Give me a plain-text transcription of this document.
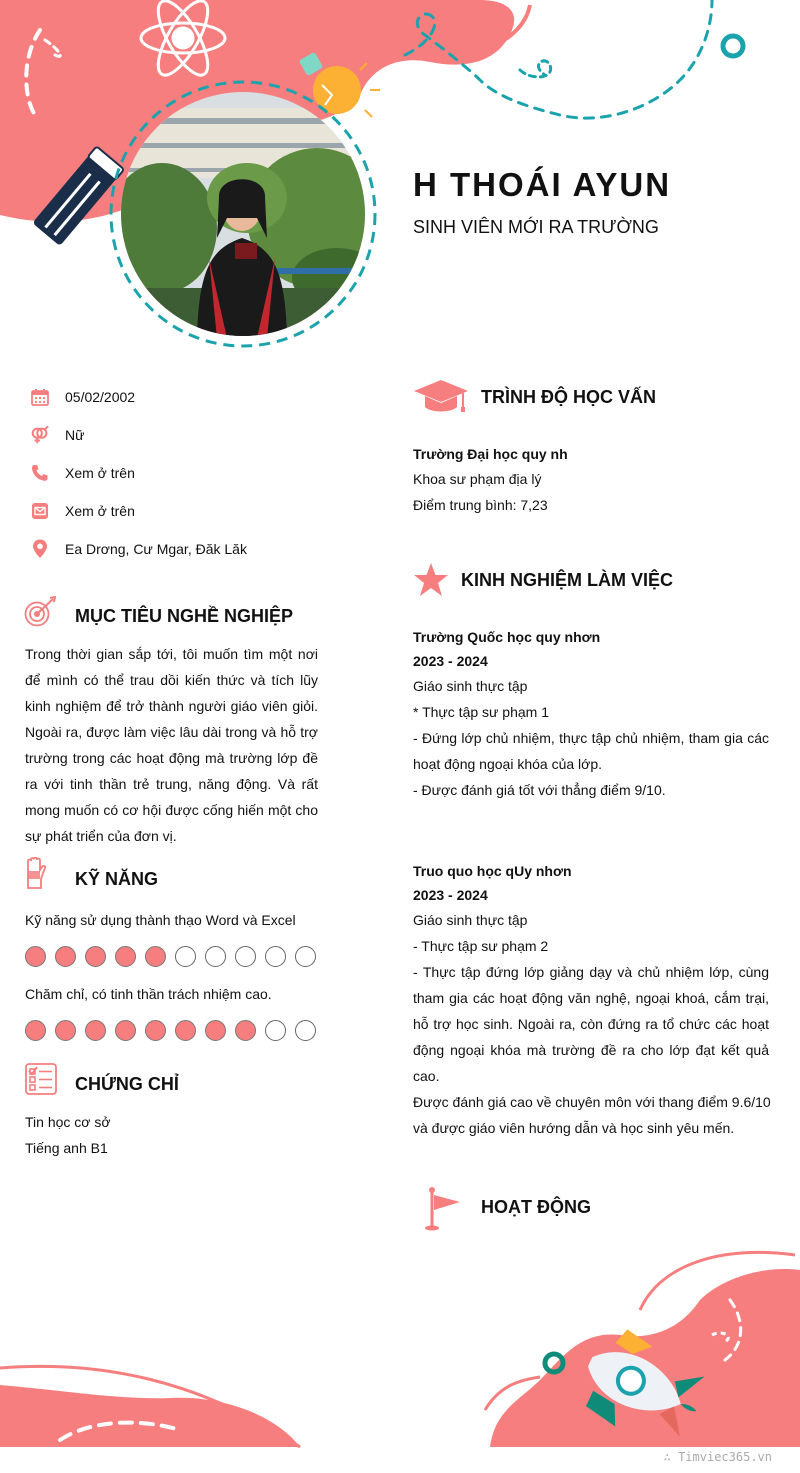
H THOÁI AYUN
SINH VIÊN MỚI RA TRƯỜNG
05/02/2002
Nữ
Xem ở trên
Xem ở trên
Ea Drơng, Cư Mgar, Đăk Lăk
MỤC TIÊU NGHỀ NGHIỆP
Trong thời gian sắp tới, tôi muốn tìm một nơi để mình có thể trau dồi kiến thức và tích lũy kinh nghiệm để trở thành người giáo viên giỏi. Ngoài ra, được làm việc lâu dài trong và hỗ trợ trường trong các hoạt động mà trường lớp đề ra với tinh thần trẻ trung, năng động. Và rất mong muốn có cơ hội được cống hiến một cho sự phát triển của đơn vị.
KỸ NĂNG
Kỹ năng sử dụng thành thạo Word và Excel
Chăm chỉ, có tinh thần trách nhiệm cao.
CHỨNG CHỈ
Tin học cơ sở
Tiếng anh B1
TRÌNH ĐỘ HỌC VẤN
Trường Đại học quy nh
Khoa sư phạm địa lý
Điểm trung bình: 7,23
KINH NGHIỆM LÀM VIỆC
Trường Quốc học quy nhơn
2023 - 2024
Giáo sinh thực tập
* Thực tập sư phạm 1
- Đứng lớp chủ nhiệm, thực tập chủ nhiệm, tham gia các hoạt động ngoại khóa của lớp.
- Được đánh giá tốt với thẳng điểm 9/10.
Truo quo học qUy nhơn
2023 - 2024
Giáo sinh thực tập
- Thực tập sư phạm 2
- Thực tập đứng lớp giảng dạy và chủ nhiệm lớp, cùng tham gia các hoạt động văn nghệ, ngoại khoá, cắm trại, hỗ trợ học sinh. Ngoài ra, còn đứng ra tổ chức các hoạt động ngoại khóa mà trường đề ra cho lớp đạt kết quả cao.
Được đánh giá cao về chuyên môn với thang điểm 9.6/10 và được giáo viên hướng dẫn và học sinh yêu mến.
HOẠT ĐỘNG
∴ Timviec365.vn
